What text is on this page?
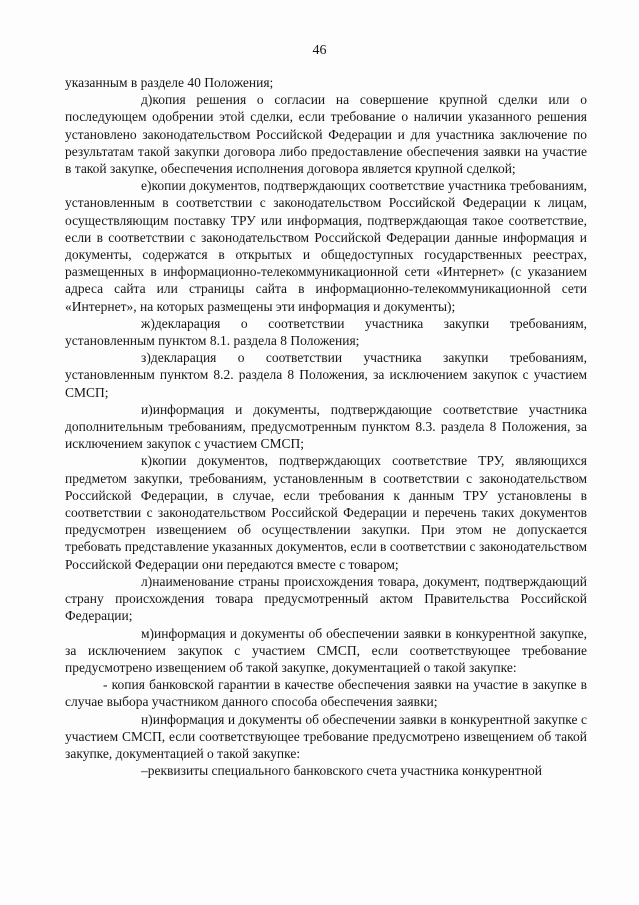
46

указанным в разделе 40 Положения;

д)копия решения о согласии на совершение крупной сделки или о последующем одобрении этой сделки, если требование о наличии указанного решения установлено законодательством Российской Федерации и для участника заключение по результатам такой закупки договора либо предоставление обеспечения заявки на участие в такой закупке, обеспечения исполнения договора является крупной сделкой;

е)копии документов, подтверждающих соответствие участника требованиям, установленным в соответствии с законодательством Российской Федерации к лицам, осуществляющим поставку ТРУ или информация, подтверждающая такое соответствие, если в соответствии с законодательством Российской Федерации данные информация и документы, содержатся в открытых и общедоступных государственных реестрах, размещенных в информационно-телекоммуникационной сети «Интернет» (с указанием адреса сайта или страницы сайта в информационно-телекоммуникационной сети «Интернет», на которых размещены эти информация и документы);

ж)декларация о соответствии участника закупки требованиям, установленным пунктом 8.1. раздела 8 Положения;

з)декларация о соответствии участника закупки требованиям, установленным пунктом 8.2. раздела 8 Положения, за исключением закупок с участием СМСП;

и)информация и документы, подтверждающие соответствие участника дополнительным требованиям, предусмотренным пунктом 8.3. раздела 8 Положения, за исключением закупок с участием СМСП;

к)копии документов, подтверждающих соответствие ТРУ, являющихся предметом закупки, требованиям, установленным в соответствии с законодательством Российской Федерации, в случае, если требования к данным ТРУ установлены в соответствии с законодательством Российской Федерации и перечень таких документов предусмотрен извещением об осуществлении закупки. При этом не допускается требовать представление указанных документов, если в соответствии с законодательством Российской Федерации они передаются вместе с товаром;

л)наименование страны происхождения товара, документ, подтверждающий страну происхождения товара предусмотренный актом Правительства Российской Федерации;

м)информация и документы об обеспечении заявки в конкурентной закупке, за исключением закупок с участием СМСП, если соответствующее требование предусмотрено извещением об такой закупке, документацией о такой закупке:

- копия банковской гарантии в качестве обеспечения заявки на участие в закупке в случае выбора участником данного способа обеспечения заявки;

н)информация и документы об обеспечении заявки в конкурентной закупке с участием СМСП, если соответствующее требование предусмотрено извещением об такой закупке, документацией о такой закупке:

–реквизиты специального банковского счета участника конкурентной
